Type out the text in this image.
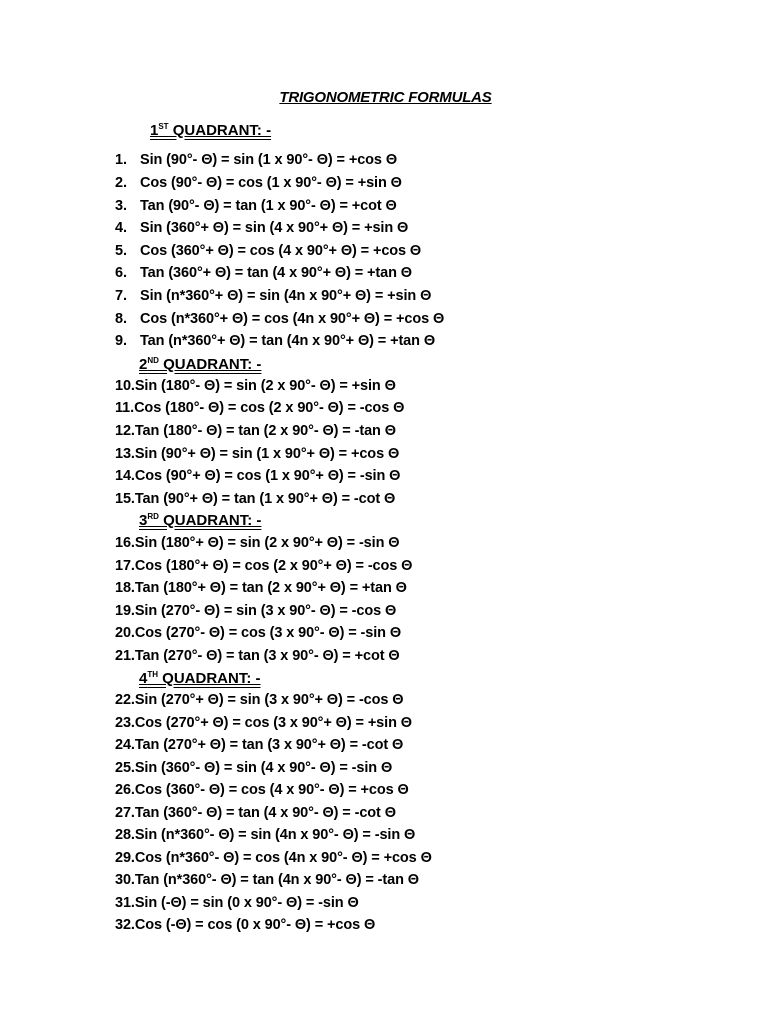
TRIGONOMETRIC FORMULAS
1ST QUADRANT: -
2ND QUADRANT: -
3RD QUADRANT: -
4TH QUADRANT: -
1. Sin (90°- Θ) = sin (1 x 90°- Θ) = +cos Θ
2. Cos (90°- Θ) = cos (1 x 90°- Θ) = +sin Θ
3. Tan (90°- Θ) = tan (1 x 90°- Θ) = +cot Θ
4. Sin (360°+ Θ) = sin (4 x 90°+ Θ) = +sin Θ
5. Cos (360°+ Θ) = cos (4 x 90°+ Θ) = +cos Θ
6. Tan (360°+ Θ) = tan (4 x 90°+ Θ) = +tan Θ
7. Sin (n*360°+ Θ) = sin (4n x 90°+ Θ) = +sin Θ
8. Cos (n*360°+ Θ) = cos (4n x 90°+ Θ) = +cos Θ
9. Tan (n*360°+ Θ) = tan (4n x 90°+ Θ) = +tan Θ
10.Sin (180°- Θ) = sin (2 x 90°- Θ) = +sin Θ
11.Cos (180°- Θ) = cos (2 x 90°- Θ) = -cos Θ
12.Tan (180°- Θ) = tan (2 x 90°- Θ) = -tan Θ
13.Sin (90°+ Θ) = sin (1 x 90°+ Θ) = +cos Θ
14.Cos (90°+ Θ) = cos (1 x 90°+ Θ) = -sin Θ
15.Tan (90°+ Θ) = tan (1 x 90°+ Θ) = -cot Θ
16.Sin (180°+ Θ) = sin (2 x 90°+ Θ) = -sin Θ
17.Cos (180°+ Θ) = cos (2 x 90°+ Θ) = -cos Θ
18.Tan (180°+ Θ) = tan (2 x 90°+ Θ) = +tan Θ
19.Sin (270°- Θ) = sin (3 x 90°- Θ) = -cos Θ
20.Cos (270°- Θ) = cos (3 x 90°- Θ) = -sin Θ
21.Tan (270°- Θ) = tan (3 x 90°- Θ) = +cot Θ
22.Sin (270°+ Θ) = sin (3 x 90°+ Θ) = -cos Θ
23.Cos (270°+ Θ) = cos (3 x 90°+ Θ) = +sin Θ
24.Tan (270°+ Θ) = tan (3 x 90°+ Θ) = -cot Θ
25.Sin (360°- Θ) = sin (4 x 90°- Θ) = -sin Θ
26.Cos (360°- Θ) = cos (4 x 90°- Θ) = +cos Θ
27.Tan (360°- Θ) = tan (4 x 90°- Θ) = -cot Θ
28.Sin (n*360°- Θ) = sin (4n x 90°- Θ) = -sin Θ
29.Cos (n*360°- Θ) = cos (4n x 90°- Θ) = +cos Θ
30.Tan (n*360°- Θ) = tan (4n x 90°- Θ) = -tan Θ
31.Sin (-Θ) = sin (0 x 90°- Θ) = -sin Θ
32.Cos (-Θ) = cos (0 x 90°- Θ) = +cos Θ
